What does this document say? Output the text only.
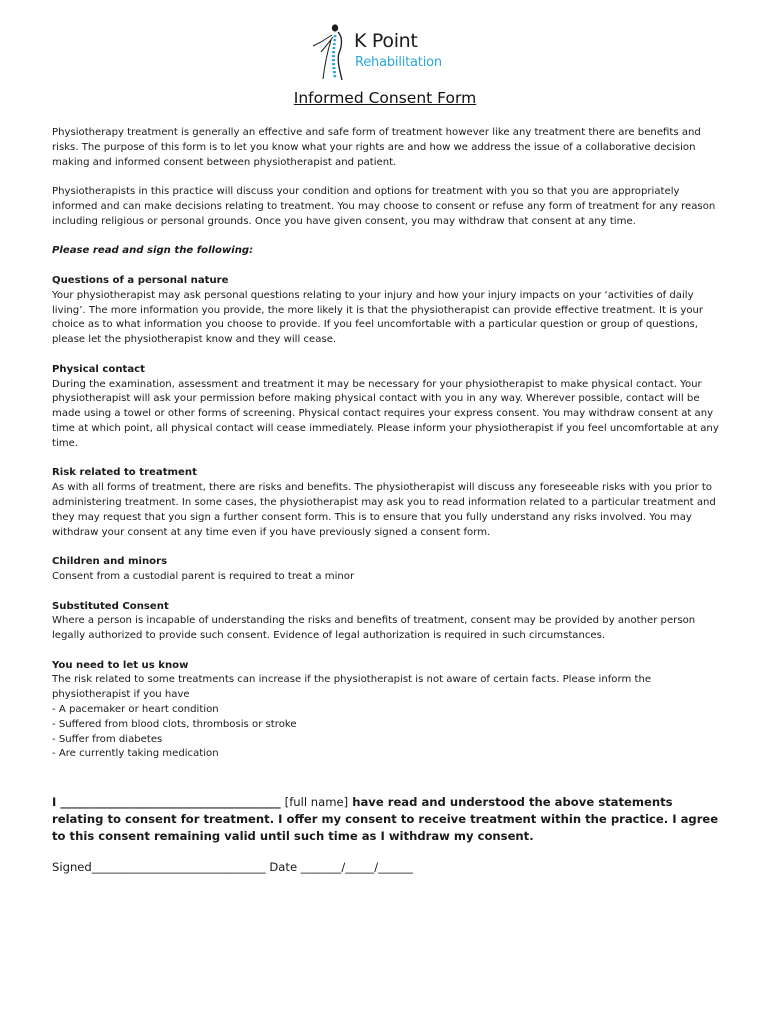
K Point
Rehabilitation
Informed Consent Form

Physiotherapy treatment is generally an effective and safe form of treatment however like any treatment there are benefits and risks. The purpose of this form is to let you know what your rights are and how we address the issue of a collaborative decision making and informed consent between physiotherapist and patient.

Physiotherapists in this practice will discuss your condition and options for treatment with you so that you are appropriately informed and can make decisions relating to treatment. You may choose to consent or refuse any form of treatment for any reason including religious or personal grounds. Once you have given consent, you may withdraw that consent at any time.

Please read and sign the following:

Questions of a personal nature

Your physiotherapist may ask personal questions relating to your injury and how your injury impacts on your ‘activities of daily living’. The more information you provide, the more likely it is that the physiotherapist can provide effective treatment. It is your choice as to what information you choose to provide. If you feel uncomfortable with a particular question or group of questions, please let the physiotherapist know and they will cease.

Physical contact

During the examination, assessment and treatment it may be necessary for your physiotherapist to make physical contact. Your physiotherapist will ask your permission before making physical contact with you in any way. Wherever possible, contact will be made using a towel or other forms of screening. Physical contact requires your express consent. You may withdraw consent at any time at which point, all physical contact will cease immediately. Please inform your physiotherapist if you feel uncomfortable at any time.

Risk related to treatment

As with all forms of treatment, there are risks and benefits. The physiotherapist will discuss any foreseeable risks with you prior to administering treatment. In some cases, the physiotherapist may ask you to read information related to a particular treatment and they may request that you sign a further consent form. This is to ensure that you fully understand any risks involved. You may withdraw your consent at any time even if you have previously signed a consent form.

Children and minors

Consent from a custodial parent is required to treat a minor

Substituted Consent

Where a person is incapable of understanding the risks and benefits of treatment, consent may be provided by another person legally authorized to provide such consent. Evidence of legal authorization is required in such circumstances.

You need to let us know

The risk related to some treatments can increase if the physiotherapist is not aware of certain facts. Please inform the physiotherapist if you have

- A pacemaker or heart condition

- Suffered from blood clots, thrombosis or stroke

- Suffer from diabetes

- Are currently taking medication

I ______________________________________ [full name] have read and understood the above statements relating to consent for treatment. I offer my consent to receive treatment within the practice. I agree to this consent remaining valid until such time as I withdraw my consent.
Signed______________________________ Date _______/_____/______
